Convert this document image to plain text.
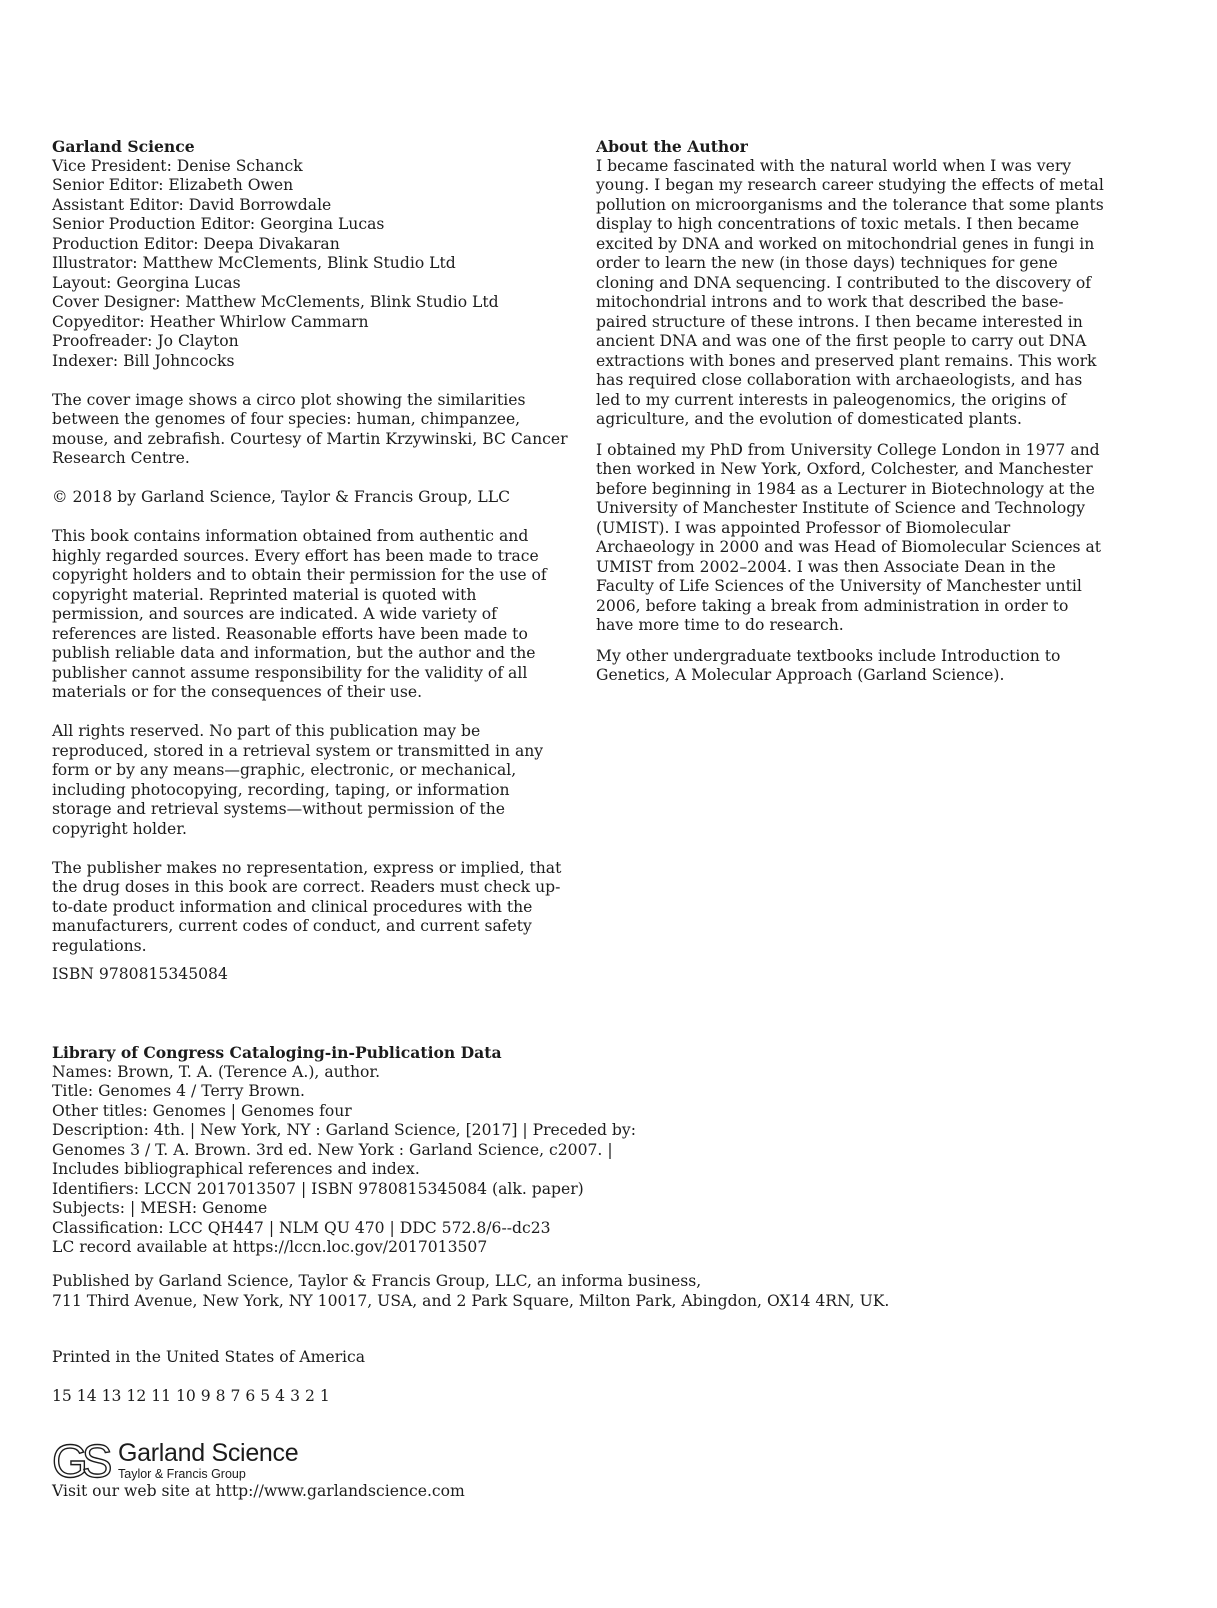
Garland Science

Vice President: Denise Schanck

Senior Editor: Elizabeth Owen

Assistant Editor: David Borrowdale

Senior Production Editor: Georgina Lucas

Production Editor: Deepa Divakaran

Illustrator: Matthew McClements, Blink Studio Ltd

Layout: Georgina Lucas

Cover Designer: Matthew McClements, Blink Studio Ltd

Copyeditor: Heather Whirlow Cammarn

Proofreader: Jo Clayton

Indexer: Bill Johncocks

The cover image shows a circo plot showing the similarities between the genomes of four species: human, chimpanzee, mouse, and zebrafish. Courtesy of Martin Krzywinski, BC Cancer Research Centre.

© 2018 by Garland Science, Taylor & Francis Group, LLC

This book contains information obtained from authentic and highly regarded sources. Every effort has been made to trace copyright holders and to obtain their permission for the use of copyright material. Reprinted material is quoted with permission, and sources are indicated. A wide variety of references are listed. Reasonable efforts have been made to publish reliable data and information, but the author and the publisher cannot assume responsibility for the validity of all materials or for the consequences of their use.

All rights reserved. No part of this publication may be reproduced, stored in a retrieval system or transmitted in any form or by any means—graphic, electronic, or mechanical, including photocopying, recording, taping, or information storage and retrieval systems—without permission of the copyright holder.

The publisher makes no representation, express or implied, that the drug doses in this book are correct. Readers must check up-to-date product information and clinical procedures with the manufacturers, current codes of conduct, and current safety regulations.

ISBN 9780815345084

Library of Congress Cataloging-in-Publication Data

Names: Brown, T. A. (Terence A.), author.

Title: Genomes 4 / Terry Brown.

Other titles: Genomes | Genomes four

Description: 4th. | New York, NY : Garland Science, [2017] | Preceded by:

Genomes 3 / T. A. Brown. 3rd ed. New York : Garland Science, c2007. |

Includes bibliographical references and index.

Identifiers: LCCN 2017013507 | ISBN 9780815345084 (alk. paper)

Subjects: | MESH: Genome

Classification: LCC QH447 | NLM QU 470 | DDC 572.8/6--dc23

LC record available at https://lccn.loc.gov/2017013507

Published by Garland Science, Taylor & Francis Group, LLC, an informa business,

711 Third Avenue, New York, NY 10017, USA, and 2 Park Square, Milton Park, Abingdon, OX14 4RN, UK.

Printed in the United States of America

15 14 13 12 11 10 9 8 7 6 5 4 3 2 1

GS Garland Science
Taylor & Francis Group

Visit our web site at http://www.garlandscience.com

About the Author

I became fascinated with the natural world when I was very young. I began my research career studying the effects of metal pollution on microorganisms and the tolerance that some plants display to high concentrations of toxic metals. I then became excited by DNA and worked on mitochondrial genes in fungi in order to learn the new (in those days) techniques for gene cloning and DNA sequencing. I contributed to the discovery of mitochondrial introns and to work that described the base-paired structure of these introns. I then became interested in ancient DNA and was one of the first people to carry out DNA extractions with bones and preserved plant remains. This work has required close collaboration with archaeologists, and has led to my current interests in paleogenomics, the origins of agriculture, and the evolution of domesticated plants.

I obtained my PhD from University College London in 1977 and then worked in New York, Oxford, Colchester, and Manchester before beginning in 1984 as a Lecturer in Biotechnology at the University of Manchester Institute of Science and Technology (UMIST). I was appointed Professor of Biomolecular Archaeology in 2000 and was Head of Biomolecular Sciences at UMIST from 2002–2004. I was then Associate Dean in the Faculty of Life Sciences of the University of Manchester until 2006, before taking a break from administration in order to have more time to do research.

My other undergraduate textbooks include Introduction to Genetics, A Molecular Approach (Garland Science).
